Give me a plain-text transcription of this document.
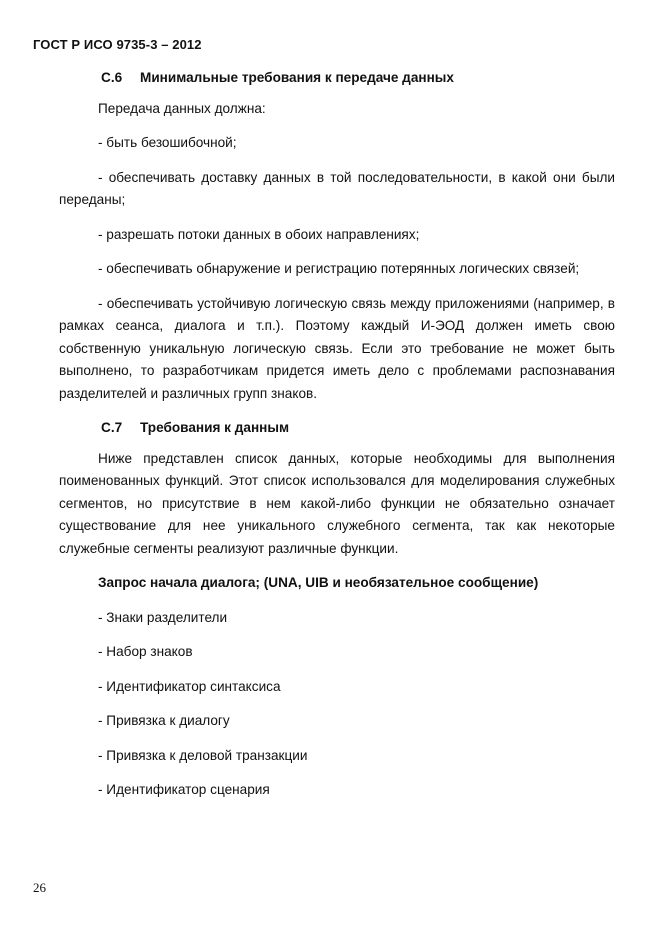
ГОСТ Р ИСО 9735-3 – 2012
С.6 Минимальные требования к передаче данных
Передача данных должна:
- быть безошибочной;
- обеспечивать доставку данных в той последовательности, в какой они были переданы;
- разрешать потоки данных в обоих направлениях;
- обеспечивать обнаружение и регистрацию потерянных логических связей;
- обеспечивать устойчивую логическую связь между приложениями (например, в рамках сеанса, диалога и т.п.). Поэтому каждый И-ЭОД должен иметь свою собственную уникальную логическую связь. Если это требование не может быть выполнено, то разработчикам придется иметь дело с проблемами распознавания разделителей и различных групп знаков.
С.7 Требования к данным
Ниже представлен список данных, которые необходимы для выполнения поименованных функций. Этот список использовался для моделирования служебных сегментов, но присутствие в нем какой-либо функции не обязательно означает существование для нее уникального служебного сегмента, так как некоторые служебные сегменты реализуют различные функции.
Запрос начала диалога; (UNA, UIB и необязательное сообщение)
- Знаки разделители
- Набор знаков
- Идентификатор синтаксиса
- Привязка к диалогу
- Привязка к деловой транзакции
- Идентификатор сценария
26
